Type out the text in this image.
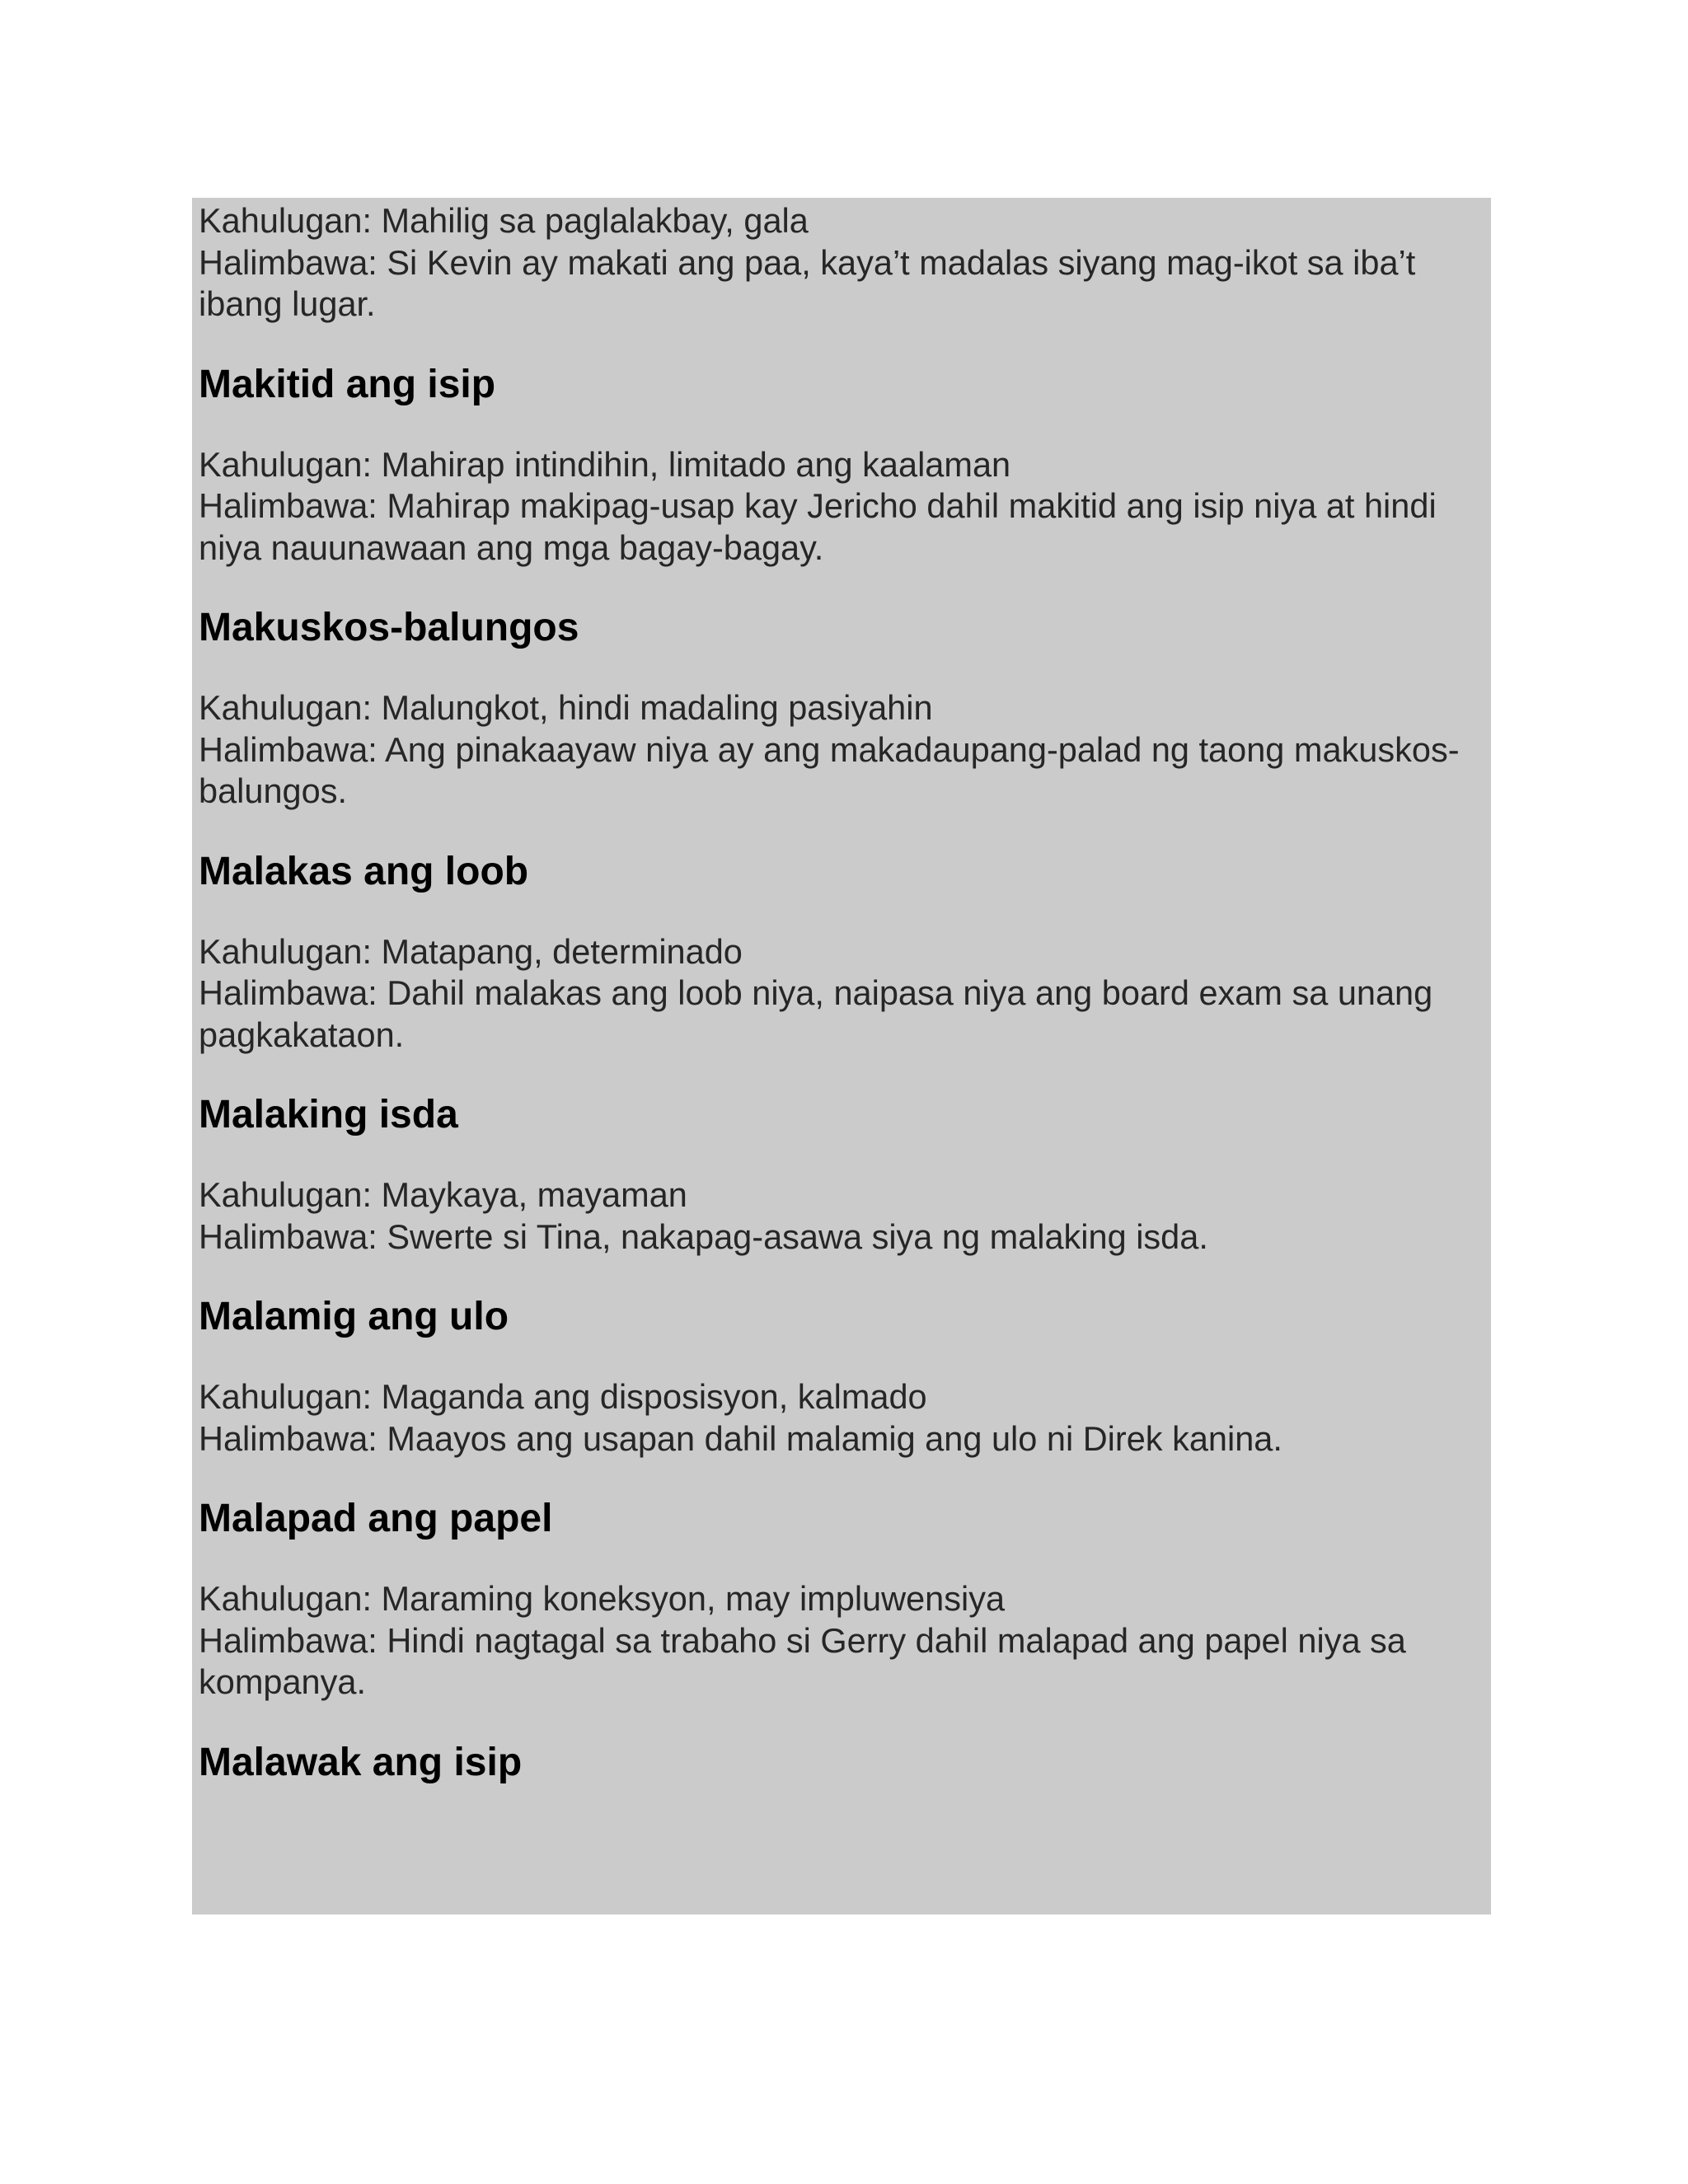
Kahulugan: Mahilig sa paglalakbay, gala

Halimbawa: Si Kevin ay makati ang paa, kaya’t madalas siyang mag-ikot sa iba’t ibang lugar.

Makitid ang isip

Kahulugan: Mahirap intindihin, limitado ang kaalaman

Halimbawa: Mahirap makipag-usap kay Jericho dahil makitid ang isip niya at hindi niya nauunawaan ang mga bagay-bagay.

Makuskos-balungos

Kahulugan: Malungkot, hindi madaling pasiyahin

Halimbawa: Ang pinakaayaw niya ay ang makadaupang-palad ng taong makuskos-balungos.

Malakas ang loob

Kahulugan: Matapang, determinado

Halimbawa: Dahil malakas ang loob niya, naipasa niya ang board exam sa unang pagkakataon.

Malaking isda

Kahulugan: Maykaya, mayaman

Halimbawa: Swerte si Tina, nakapag-asawa siya ng malaking isda.

Malamig ang ulo

Kahulugan: Maganda ang disposisyon, kalmado

Halimbawa: Maayos ang usapan dahil malamig ang ulo ni Direk kanina.

Malapad ang papel

Kahulugan: Maraming koneksyon, may impluwensiya

Halimbawa: Hindi nagtagal sa trabaho si Gerry dahil malapad ang papel niya sa kompanya.

Malawak ang isip
